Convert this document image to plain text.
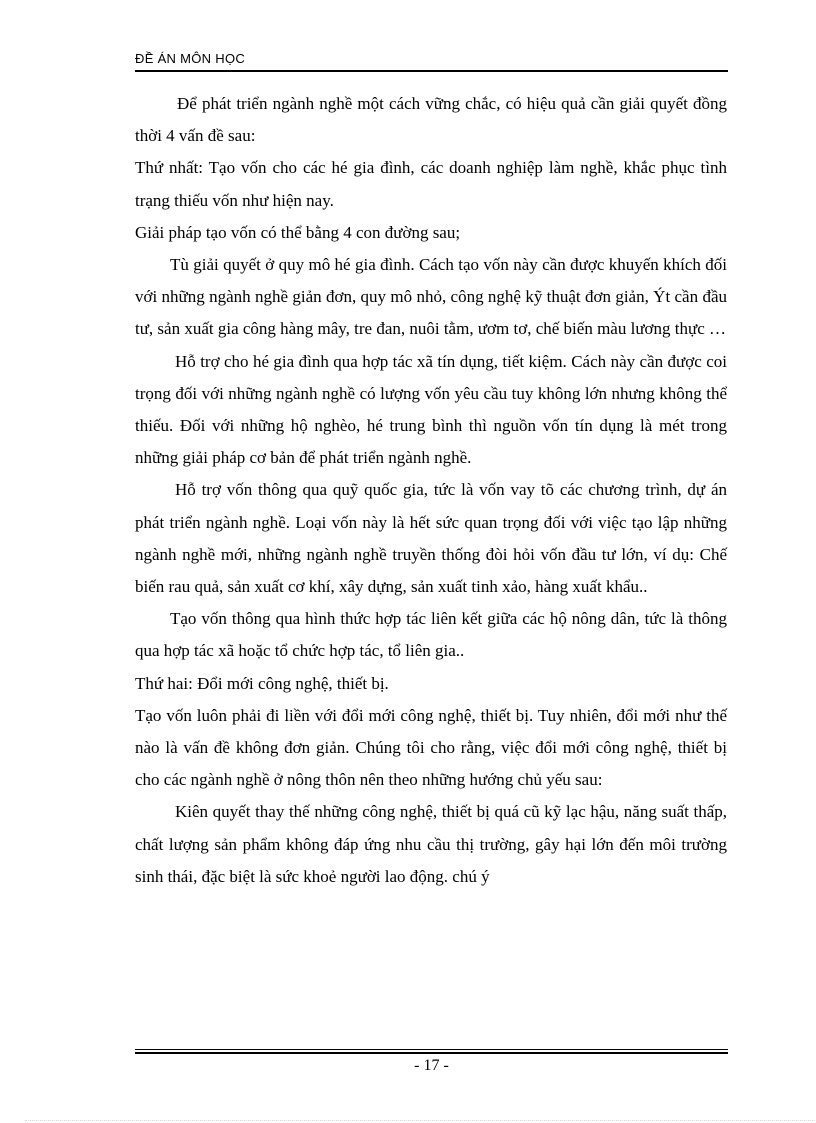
ĐỀ ÁN MÔN HỌC

Để phát triển ngành nghề một cách vững chắc, có hiệu quả cần giải quyết đồng thời 4 vấn đề sau:

Thứ nhất: Tạo vốn cho các hé gia đình, các doanh nghiệp làm nghề, khắc phục tình trạng thiếu vốn như hiện nay.

Giải pháp tạo vốn có thể bằng 4 con đường sau;

Tù giải quyết ở quy mô hé gia đình. Cách tạo vốn này cần được khuyến khích đối với những ngành nghề giản đơn, quy mô nhỏ, công nghệ kỹ thuật đơn giản, Ýt cần đầu tư, sản xuất gia công hàng mây, tre đan, nuôi tằm, ươm tơ, chế biến màu lương thực …

Hỗ trợ cho hé gia đình qua hợp tác xã tín dụng, tiết kiệm. Cách này cần được coi trọng đối với những ngành nghề có lượng vốn yêu cầu tuy không lớn nhưng không thể thiếu. Đối với những hộ nghèo, hé trung bình thì nguồn vốn tín dụng là mét trong những giải pháp cơ bản để phát triển ngành nghề.

Hỗ trợ vốn thông qua quỹ quốc gia, tức là vốn vay tõ các chương trình, dự án phát triển ngành nghề. Loại vốn này là hết sức quan trọng đối với việc tạo lập những ngành nghề mới, những ngành nghề truyền thống đòi hỏi vốn đầu tư lớn, ví dụ: Chế biến rau quả, sản xuất cơ khí, xây dựng, sản xuất tinh xảo, hàng xuất khẩu..

Tạo vốn thông qua hình thức hợp tác liên kết giữa các hộ nông dân, tức là thông qua hợp tác xã hoặc tổ chức hợp tác, tổ liên gia..

Thứ hai: Đổi mới công nghệ, thiết bị.

Tạo vốn luôn phải đi liền với đổi mới công nghệ, thiết bị. Tuy nhiên, đổi mới như thế nào là vấn đề không đơn giản. Chúng tôi cho rằng, việc đổi mới công nghệ, thiết bị cho các ngành nghề ở nông thôn nên theo những hướng chủ yếu sau:

Kiên quyết thay thế những công nghệ, thiết bị quá cũ kỹ lạc hậu, năng suất thấp, chất lượng sản phẩm không đáp ứng nhu cầu thị trường, gây hại lớn đến môi trường sinh thái, đặc biệt là sức khoẻ người lao động. chú ý

- 17 -
